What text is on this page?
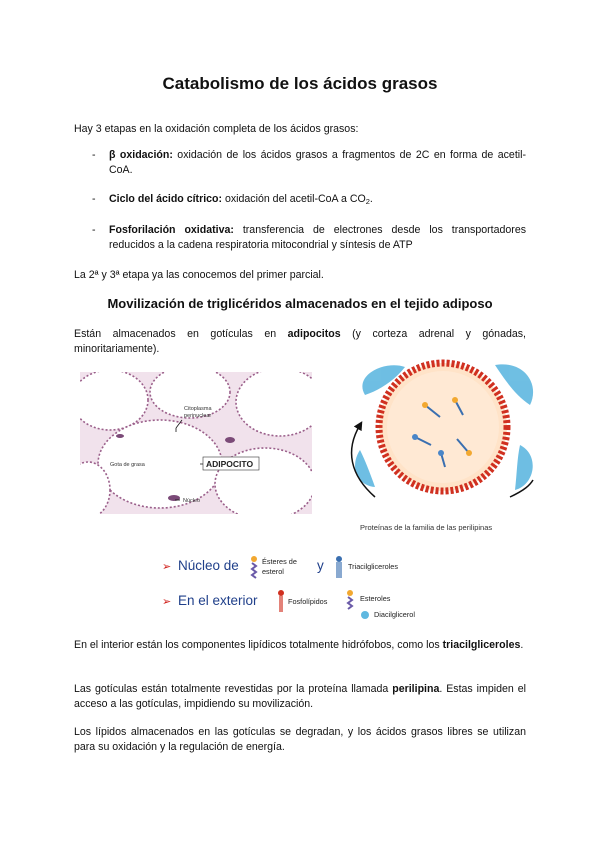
Catabolismo de los ácidos grasos
Hay 3 etapas en la oxidación completa de los ácidos grasos:
- β oxidación: oxidación de los ácidos grasos a fragmentos de 2C en forma de acetil-CoA.
- Ciclo del ácido cítrico: oxidación del acetil-CoA a CO2.
- Fosforilación oxidativa: transferencia de electrones desde los transportadores reducidos a la cadena respiratoria mitocondrial y síntesis de ATP
La 2ª y 3ª etapa ya las conocemos del primer parcial.
Movilización de triglicéridos almacenados en el tejido adiposo
Están almacenados en gotículas en adipocitos (y corteza adrenal y gónadas, minoritariamente).
ADIPOCITO
Citoplasma
perinuclear
Gota de grasa
Núcleo
Proteínas de la familia de las perilipinas
➢ Núcleo de	Ésteres de
esterol y	Triacilgliceroles
➢ En el exterior	Fosfolípidos	Esteroles
Diacilglicerol
En el interior están los componentes lipídicos totalmente hidrófobos, como los triacilgliceroles.
Las gotículas están totalmente revestidas por la proteína llamada perilipina. Estas impiden el acceso a las gotículas, impidiendo su movilización.
Los lípidos almacenados en las gotículas se degradan, y los ácidos grasos libres se utilizan para su oxidación y la regulación de energía.
